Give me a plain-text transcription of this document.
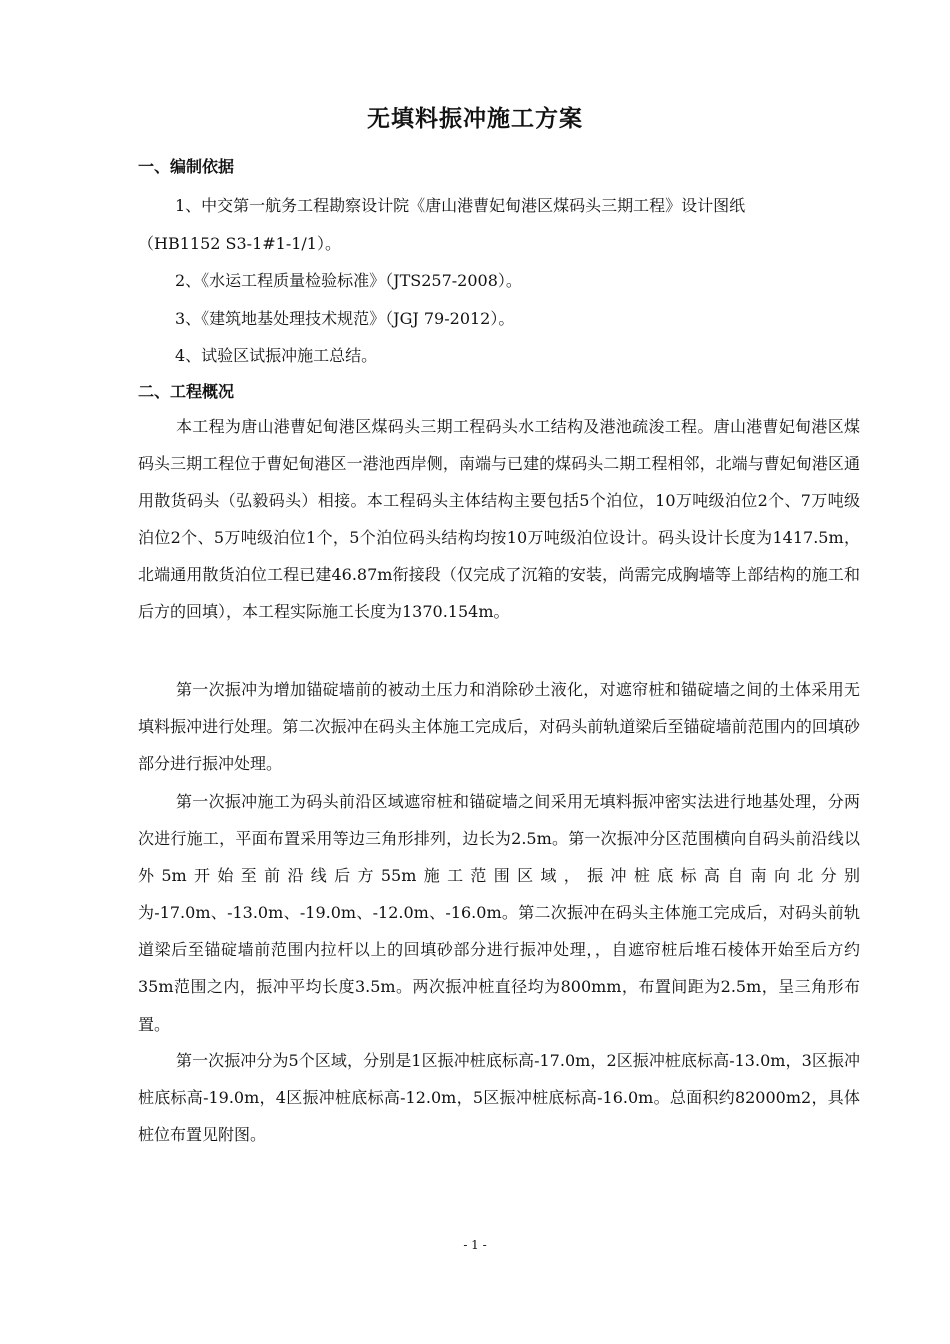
无填料振冲施工方案
一、编制依据
1、中交第一航务工程勘察设计院《唐山港曹妃甸港区煤码头三期工程》设计图纸
（HB1152 S3-1#1-1/1）。
2、《水运工程质量检验标准》（JTS257-2008）。
3、《建筑地基处理技术规范》（JGJ 79-2012）。
4、试验区试振冲施工总结。
二、工程概况

本工程为唐山港曹妃甸港区煤码头三期工程码头水工结构及港池疏浚工程。唐山港曹妃甸港区煤码头三期工程位于曹妃甸港区一港池西岸侧，南端与已建的煤码头二期工程相邻，北端与曹妃甸港区通用散货码头（弘毅码头）相接。本工程码头主体结构主要包括5个泊位，10万吨级泊位2个、7万吨级泊位2个、5万吨级泊位1个，5个泊位码头结构均按10万吨级泊位设计。码头设计长度为1417.5m，北端通用散货泊位工程已建46.87m衔接段（仅完成了沉箱的安装，尚需完成胸墙等上部结构的施工和后方的回填），本工程实际施工长度为1370.154m。

第一次振冲为增加锚碇墙前的被动土压力和消除砂土液化，对遮帘桩和锚碇墙之间的土体采用无填料振冲进行处理。第二次振冲在码头主体施工完成后，对码头前轨道梁后至锚碇墙前范围内的回填砂部分进行振冲处理。

第一次振冲施工为码头前沿区域遮帘桩和锚碇墙之间采用无填料振冲密实法进行地基处理，分两次进行施工，平面布置采用等边三角形排列，边长为2.5m。第一次振冲分区范围横向自码头前沿线以外5m开始至前沿线后方55m施工范围区域，振冲桩底标高自南向北分别为-17.0m、-13.0m、-19.0m、-12.0m、-16.0m。第二次振冲在码头主体施工完成后，对码头前轨道梁后至锚碇墙前范围内拉杆以上的回填砂部分进行振冲处理，，自遮帘桩后堆石棱体开始至后方约35m范围之内，振冲平均长度3.5m。两次振冲桩直径均为800mm，布置间距为2.5m，呈三角形布置。

第一次振冲分为5个区域，分别是1区振冲桩底标高-17.0m，2区振冲桩底标高-13.0m，3区振冲桩底标高-19.0m，4区振冲桩底标高-12.0m，5区振冲桩底标高-16.0m。总面积约82000m2，具体桩位布置见附图。

- 1 -
